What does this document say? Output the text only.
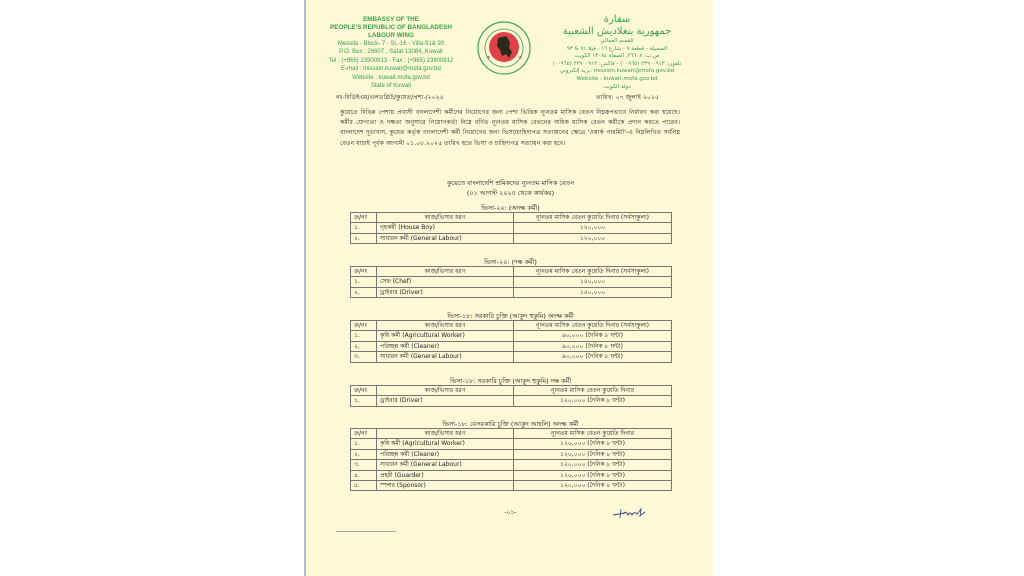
EMBASSY OF THE
PEOPLE'S REPUBLIC OF BANGLADESH
LABOUR WING
Messila - Block- 7 - St.-16 - Villa-91& 93
P.O. Box : 26607 , Safat 13084, Kuwait
Tel : (+965) 23900913 - Fax : (+965) 23900912
E-mail : mission.kuwait@mofa.gov.bd
Website : kuwait.mofa.gov.bd
State of Kuwait
★	★
سفارة
جمهورية بنغلاديش الشعبية
القسم العمالي
المسيلة - قطعة ٧ - شارع ١٦ - فيلا ٩١ & ٩٣
ص.ب: ٢٦٦٠٧، الصفاة ١٣٠٨٤ الكويت
تلفون: ٢٣٩٠٠٩١٣ (٠٠٩٦٥) - فاكس: ٢٣٩٠٠٩١٢ (٠٠٩٦٥)
بريد إلكتروني: mission.kuwait@mofa.gov.bd
Website : kuwait.mofa.gov.bd
دولة الكويت
নং-বিডিইএম/এলডব্লিউ/কুয়েত/প্রশা-/২০২৫	তারিখ: ০৭ জুলাই ২০২৫
কুয়েতে বিভিন্ন পেশায় প্রবাসী বাংলাদেশী কর্মীদের নিয়োগের জন্য পেশা ভিত্তিক ন্যূনতম মাসিক বেতন নিম্নরূপভাবে নির্ধারণ করা হয়েছে। কর্মীর যোগ্যতা ও দক্ষতা অনুসারে নিয়োগকর্তা নিম্নে বর্ণিত ন্যূনতম মাসিক বেতনের অধিক মাসিক বেতন কর্মীকে প্রদান করতে পারেন। বাংলাদেশ দূতাবাস, কুয়েত কর্তৃক বাংলাদেশী কর্মী নিয়োগের জন্য ভিসা/চাহিদাপত্র সত্যায়নের ক্ষেত্রে 'ওয়ার্ক পারমিট'-এ নিম্নলিখিত সর্বনিম্ন বেতন যাচাই পূর্বক আগামী ০১.০৮.২০২৫ তারিখ হতে ভিসা ও চাহিদাপত্র সত্যায়ন করা হবে।
কুয়েতে বাংলাদেশি শ্রমিকদের ন্যূনতম মাসিক বেতন
(০১ আগস্ট ২০২৫ থেকে কার্যকর)
ভিসা-২০: (অদক্ষ কর্মী)
ক্র/নং	কাজ/ভিসার ধরণ	ন্যূনতম মাসিক বেতন কুয়েতি দিনার (সর্বসাকুল্য)
১.	গৃহকর্মী (House Boy)	১২০,০০০
২.	সাধারন কর্মী (General Labour)	১২০,০০০
ভিসা-২০: (দক্ষ কর্মী)
ক্র/নং	কাজ/ভিসার ধরণ	ন্যূনতম মাসিক বেতন কুয়েতি দিনার (সর্বসাকুল্য)
১.	সেফ (Chef)	১৫০,০০০
২.	ড্রাইবার (Driver)	১৫০,০০০
ভিসা-১৮: সরকারি চুক্তি (আকুদ হুকুমি) অদক্ষ কর্মী
ক্র/নং	কাজ/ভিসার ধরণ	ন্যূনতম মাসিক বেতন কুয়েতি দিনার (সর্বসাকুল্য)
১.	কৃষি কর্মী (Agricultural Worker)	৯০,০০০ (দৈনিক ৮ ঘন্টা)
২.	পরিচ্ছন্ন কর্মী (Cleaner)	৯০,০০০ (দৈনিক ৮ ঘন্টা)
৩.	সাধারন কর্মী (General Labour)	৯০,০০০ (দৈনিক ৮ ঘন্টা)
ভিসা-১৮: সরকারি চুক্তি (আকুদ হুকুমি) দক্ষ কর্মী
ক্র/নং	কাজ/ভিসার ধরণ	ন্যূনতম মাসিক বেতন কুয়েতি দিনার
১.	ড্রাইবার (Driver)	১২০,০০০ (দৈনিক ৮ ঘন্টা)
ভিসা-১৮: বেসরকারি চুক্তি (আকুদ আহলি) অদক্ষ কর্মী
ক্র/নং	কাজ/ভিসার ধরণ	ন্যূনতম মাসিক বেতন কুয়েতি দিনার
১.	কৃষি কর্মী (Agricultural Worker)	১২০,০০০ (দৈনিক ৮ ঘন্টা)
২.	পরিচ্ছন্ন কর্মী (Cleaner)	১২০,০০০ (দৈনিক ৮ ঘন্টা)
৩.	সাধারন কর্মী (General Labour)	১২০,০০০ (দৈনিক ৮ ঘন্টা)
৪.	প্রহরী (Guarder)	১২০,০০০ (দৈনিক ৮ ঘন্টা)
৫.	স্পন্সর (Sponsor)	১২০,০০০ (দৈনিক ৮ ঘন্টা)
-০১-
